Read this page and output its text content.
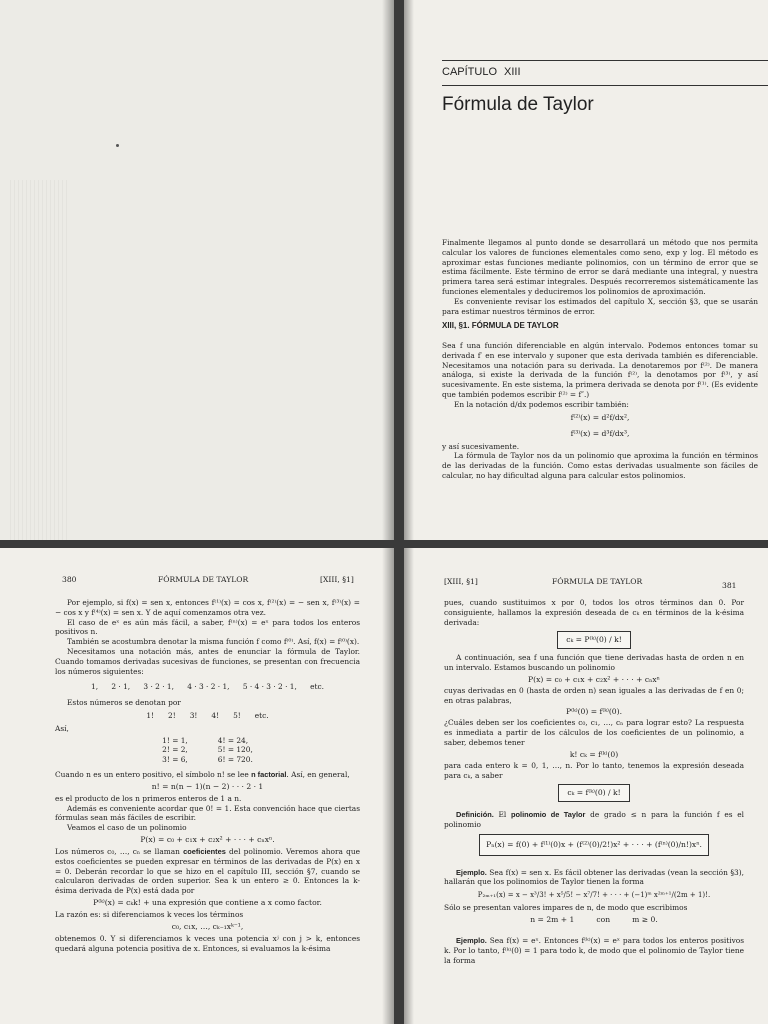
CAPÍTULO XIII
Fórmula de Taylor

Finalmente llegamos al punto donde se desarrollará un método que nos permita calcular los valores de funciones elementales como seno, exp y log. El método es aproximar estas funciones mediante polinomios, con un término de error que se estima fácilmente. Este término de error se dará mediante una integral, y nuestra primera tarea será estimar integrales. Después recorreremos sistemáticamente las funciones elementales y deduciremos los polinomios de aproximación.

Es conveniente revisar los estimados del capítulo X, sección §3, que se usarán para estimar nuestros términos de error.

XIII, §1. FÓRMULA DE TAYLOR

Sea f una función diferenciable en algún intervalo. Podemos entonces tomar su derivada f′ en ese intervalo y suponer que esta derivada también es diferenciable. Necesitamos una notación para su derivada. La denotaremos por f⁽²⁾. De manera análoga, si existe la derivada de la función f⁽²⁾, la denotamos por f⁽³⁾, y así sucesivamente. En este sistema, la primera derivada se denota por f⁽¹⁾. (Es evidente que también podemos escribir f⁽²⁾ = f″.)

En la notación d/dx podemos escribir también:

f⁽²⁾(x) = d²f/dx²,

f⁽³⁾(x) = d³f/dx³,

y así sucesivamente.

La fórmula de Taylor nos da un polinomio que aproxima la función en términos de las derivadas de la función. Como estas derivadas usualmente son fáciles de calcular, no hay dificultad alguna para calcular estos polinomios.

380	FÓRMULA DE TAYLOR	[XIII, §1]

Por ejemplo, si f(x) = sen x, entonces f⁽¹⁾(x) = cos x, f⁽²⁾(x) = − sen x, f⁽³⁾(x) = − cos x y f⁽⁴⁾(x) = sen x. Y de aquí comenzamos otra vez.

El caso de eˣ es aún más fácil, a saber, f⁽ⁿ⁾(x) = eˣ para todos los enteros positivos n.

También se acostumbra denotar la misma función f como f⁽⁰⁾. Así, f(x) = f⁽⁰⁾(x).

Necesitamos una notación más, antes de enunciar la fórmula de Taylor. Cuando tomamos derivadas sucesivas de funciones, se presentan con frecuencia los números siguientes:

1, 2 · 1, 3 · 2 · 1, 4 · 3 · 2 · 1, 5 · 4 · 3 · 2 · 1, etc.

Estos números se denotan por

1! 2! 3! 4! 5! etc.

Así,

1! = 1,
2! = 2,
3! = 6,
4! = 24,
5! = 120,
6! = 720.

Cuando n es un entero positivo, el símbolo n! se lee n factorial. Así, en general,

n! = n(n − 1)(n − 2) · · · 2 · 1

es el producto de los n primeros enteros de 1 a n.

Además es conveniente acordar que 0! = 1. Esta convención hace que ciertas fórmulas sean más fáciles de escribir.

Veamos el caso de un polinomio

P(x) = c₀ + c₁x + c₂x² + · · · + cₙxⁿ.

Los números c₀, …, cₙ se llaman coeficientes del polinomio. Veremos ahora que estos coeficientes se pueden expresar en términos de las derivadas de P(x) en x = 0. Deberán recordar lo que se hizo en el capítulo III, sección §7, cuando se calcularon derivadas de orden superior. Sea k un entero ≥ 0. Entonces la k-ésima derivada de P(x) está dada por

P⁽ᵏ⁾(x) = cₖk! + una expresión que contiene a x como factor.

La razón es: si diferenciamos k veces los términos

c₀, c₁x, …, cₖ₋₁xᵏ⁻¹,

obtenemos 0. Y si diferenciamos k veces una potencia xʲ con j > k, entonces quedará alguna potencia positiva de x. Entonces, si evaluamos la k-ésima

[XIII, §1]	FÓRMULA DE TAYLOR	381

pues, cuando sustituimos x por 0, todos los otros términos dan 0. Por consiguiente, hallamos la expresión deseada de cₖ en términos de la k-ésima derivada:

cₖ = P⁽ᵏ⁾(0) / k!

A continuación, sea f una función que tiene derivadas hasta de orden n en un intervalo. Estamos buscando un polinomio

P(x) = c₀ + c₁x + c₂x² + · · · + cₙxⁿ

cuyas derivadas en 0 (hasta de orden n) sean iguales a las derivadas de f en 0; en otras palabras,

P⁽ᵏ⁾(0) = f⁽ᵏ⁾(0).

¿Cuáles deben ser los coeficientes c₀, c₁, …, cₙ para lograr esto? La respuesta es inmediata a partir de los cálculos de los coeficientes de un polinomio, a saber, debemos tener

k! cₖ = f⁽ᵏ⁾(0)

para cada entero k = 0, 1, …, n. Por lo tanto, tenemos la expresión deseada para cₖ, a saber

cₖ = f⁽ᵏ⁾(0) / k!

Definición. El polinomio de Taylor de grado ≤ n para la función f es el polinomio

Pₙ(x) = f(0) + f⁽¹⁾(0)x + (f⁽²⁾(0)/2!)x² + · · · + (f⁽ⁿ⁾(0)/n!)xⁿ.

Ejemplo. Sea f(x) = sen x. Es fácil obtener las derivadas (vean la sección §3), hallarán que los polinomios de Taylor tienen la forma

P₂ₘ₊₁(x) = x − x³/3! + x⁵/5! − x⁷/7! + · · · + (−1)ᵐ x²ᵐ⁺¹/(2m + 1)!.

Sólo se presentan valores impares de n, de modo que escribimos

n = 2m + 1	con	m ≥ 0.

Ejemplo. Sea f(x) = eˣ. Entonces f⁽ᵏ⁾(x) = eˣ para todos los enteros positivos k. Por lo tanto, f⁽ᵏ⁾(0) = 1 para todo k, de modo que el polinomio de Taylor tiene la forma
